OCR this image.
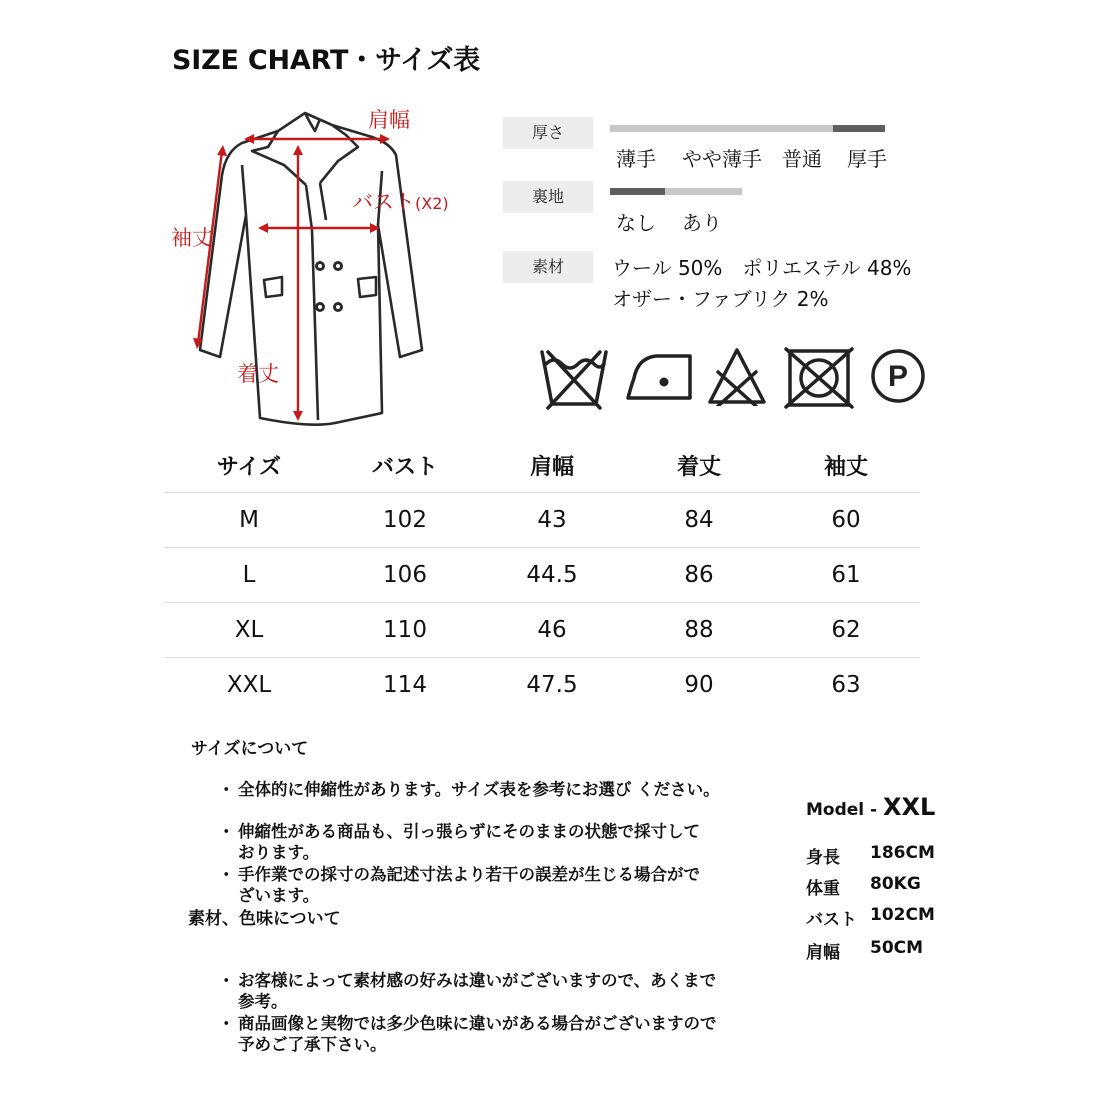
SIZE CHART・サイズ表
肩幅
バスト(X2)
袖丈
着丈
厚さ
薄手 やや薄手 普通 厚手
裏地
なし あり
素材	ウール 50%　ポリエステル 48%
オザー・ファブリク 2%
P
サイズ	バスト	肩幅	着丈	袖丈
M	102	43	84	60
L	106	44.5	86	61
XL	110	46	88	62
XXL	114	47.5	90	63
サイズについて
・ 全体的に伸縮性があります。サイズ表を参考にお選び ください。

・ 伸縮性がある商品も、引っ張らずにそのままの状態で採寸して
おります。

・ 手作業での採寸の為記述寸法より若干の誤差が生じる場合がで
ざいます。

素材、色味について

・ お客様によって素材感の好みは違いがございますので、あくまで
参考。

・ 商品画像と実物では多少色味に違いがある場合がございますので
予めご了承下さい。

Model - XXL
身長 186CM
体重 80KG
バスト 102CM
肩幅 50CM
